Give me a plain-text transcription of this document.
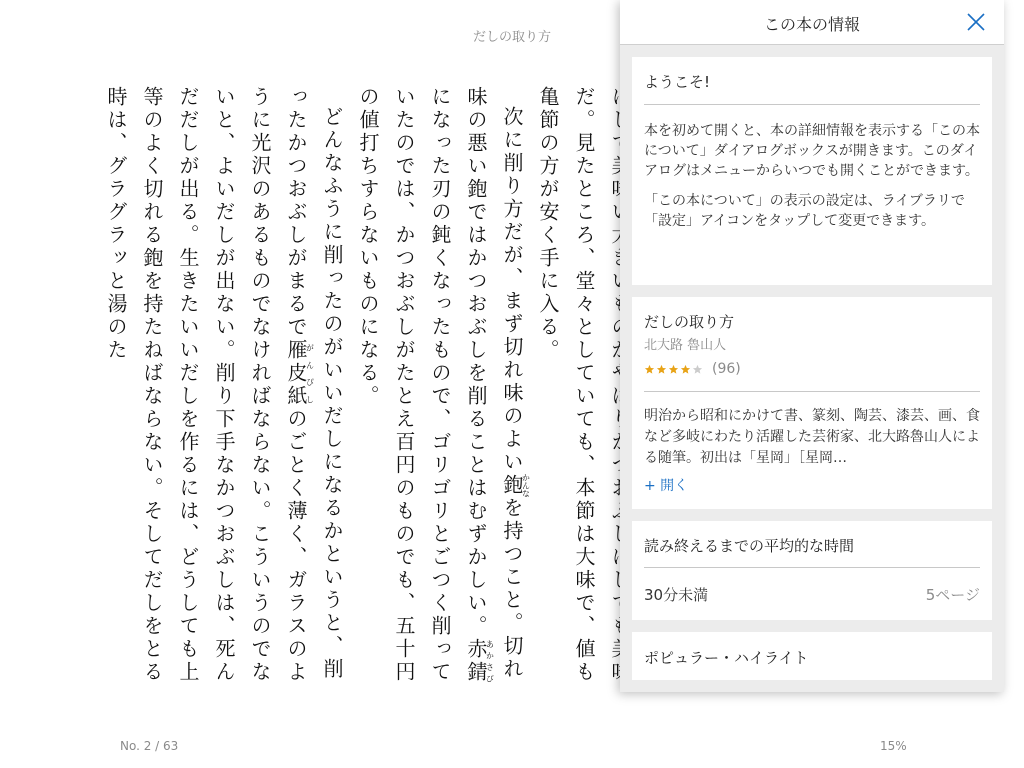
だしの取り方

だ。見たところ、堂々としていても、本節は大味で、値も亀節の方が安く手に入る。

次に削り方だが、まず切れ味のよい鉋かんなを持つこと。切れ味の悪い鉋ではかつおぶしを削ることはむずかしい。赤錆あかさびになった刃の鈍くなったもので、ゴリゴリとごつく削っていたのでは、かつおぶしがたとえ百円のものでも、五十円の値打ちすらないものになる。

どんなふうに削ったのがいいだしになるかというと、削ったかつおぶしがまるで雁皮紙がんぴしのごとく薄く、ガラスのように光沢のあるものでなければならない。こういうのでないと、よいだしが出ない。削り下手なかつおぶしは、死んだだしが出る。生きたいいだしを作るには、どうしても上等のよく切れる鉋を持たねばならない。そしてだしをとる時は、グラグラッと湯のた

No. 2 / 63	15%
この本の情報
ようこそ!

本を初めて開くと、本の詳細情報を表示する「この本について」ダイアログボックスが開きます。このダイアログはメニューからいつでも開くことができます。

「この本について」の表示の設定は、ライブラリで「設定」アイコンをタップして変更できます。

だしの取り方
北大路 魯山人
(96)
明治から昭和にかけて書、篆刻、陶芸、漆芸、画、食など多岐にわたり活躍した芸術家、北大路魯山人による随筆。初出は「星岡」［星岡…
+ 開く
読み終えるまでの平均的な時間
30分未満	5ページ
ポピュラー・ハイライト
